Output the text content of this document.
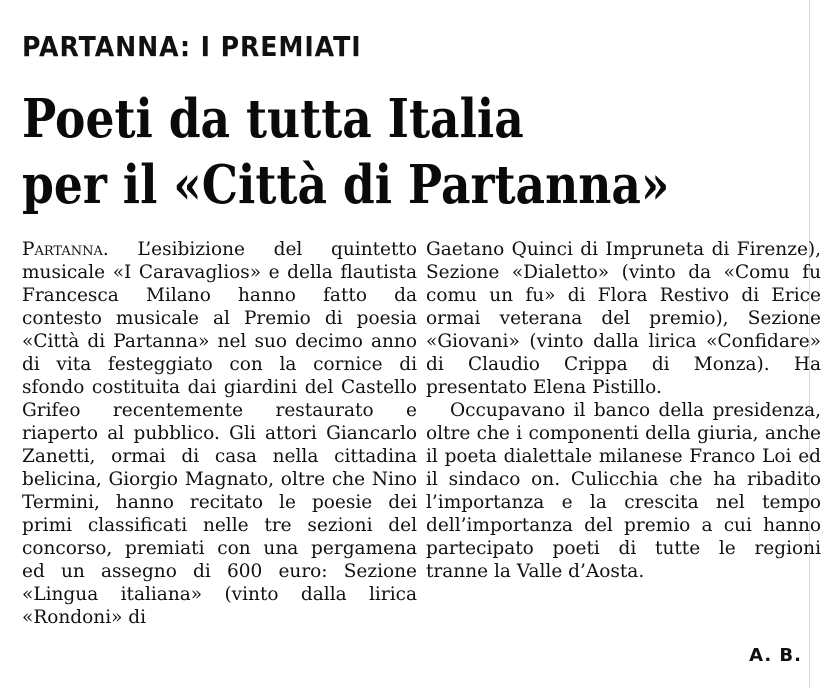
PARTANNA: I PREMIATI
Poeti da tutta Italia
per il «Città di Partanna»

Partanna. L’esibizione del quintetto musicale «I Caravaglios» e della flautista Francesca Milano hanno fatto da contesto musicale al Premio di poesia «Città di Partanna» nel suo decimo anno di vita festeggiato con la cornice di sfondo costituita dai giardini del Castello Grifeo recentemente restaurato e riaperto al pubblico. Gli attori Giancarlo Zanetti, ormai di casa nella cittadina belicina, Giorgio Magnato, oltre che Nino Termini, hanno recitato le poesie dei primi classificati nelle tre sezioni del concorso, premiati con una pergamena ed un assegno di 600 euro: Sezione «Lingua italiana» (vinto dalla lirica «Rondoni» di

Gaetano Quinci di Impruneta di Firenze), Sezione «Dialetto» (vinto da «Comu fu comu un fu» di Flora Restivo di Erice ormai veterana del premio), Sezione «Giovani» (vinto dalla lirica «Confidare» di Claudio Crippa di Monza). Ha presentato Elena Pistillo.

Occupavano il banco della presidenza, oltre che i componenti della giuria, anche il poeta dialettale milanese Franco Loi ed il sindaco on. Culicchia che ha ribadito l’importanza e la crescita nel tempo dell’importanza del premio a cui hanno partecipato poeti di tutte le regioni tranne la Valle d’Aosta.

A. B.
